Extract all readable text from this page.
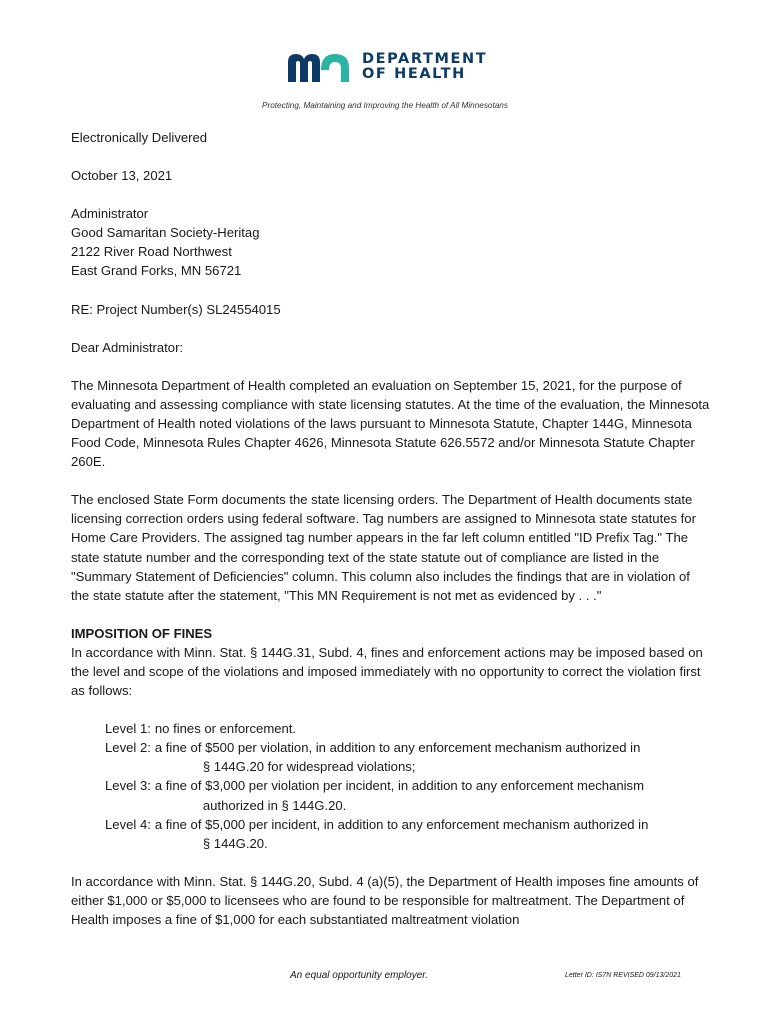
DEPARTMENT
OF HEALTH
Protecting, Maintaining and Improving the Health of All Minnesotans

Electronically Delivered

October 13, 2021

Administrator

Good Samaritan Society-Heritag

2122 River Road Northwest

East Grand Forks, MN 56721

RE: Project Number(s) SL24554015

Dear Administrator:

The Minnesota Department of Health completed an evaluation on September 15, 2021, for the purpose of evaluating and assessing compliance with state licensing statutes. At the time of the evaluation, the Minnesota Department of Health noted violations of the laws pursuant to Minnesota Statute, Chapter 144G, Minnesota Food Code, Minnesota Rules Chapter 4626, Minnesota Statute 626.5572 and/or Minnesota Statute Chapter 260E.

The enclosed State Form documents the state licensing orders. The Department of Health documents state licensing correction orders using federal software. Tag numbers are assigned to Minnesota state statutes for Home Care Providers. The assigned tag number appears in the far left column entitled "ID Prefix Tag." The state statute number and the corresponding text of the state statute out of compliance are listed in the "Summary Statement of Deficiencies" column. This column also includes the findings that are in violation of the state statute after the statement, "This MN Requirement is not met as evidenced by . . ."

IMPOSITION OF FINES

In accordance with Minn. Stat. § 144G.31, Subd. 4, fines and enforcement actions may be imposed based on the level and scope of the violations and imposed immediately with no opportunity to correct the violation first as follows:

Level 1: no fines or enforcement.
Level 2: a fine of $500 per violation, in addition to any enforcement mechanism authorized in
§ 144G.20 for widespread violations;
Level 3: a fine of $3,000 per violation per incident, in addition to any enforcement mechanism
authorized in § 144G.20.
Level 4: a fine of $5,000 per incident, in addition to any enforcement mechanism authorized in
§ 144G.20.

In accordance with Minn. Stat. § 144G.20, Subd. 4 (a)(5), the Department of Health imposes fine amounts of either $1,000 or $5,000 to licensees who are found to be responsible for maltreatment. The Department of Health imposes a fine of $1,000 for each substantiated maltreatment violation

An equal opportunity employer.	Letter ID: IS7N REVISED 09/13/2021
